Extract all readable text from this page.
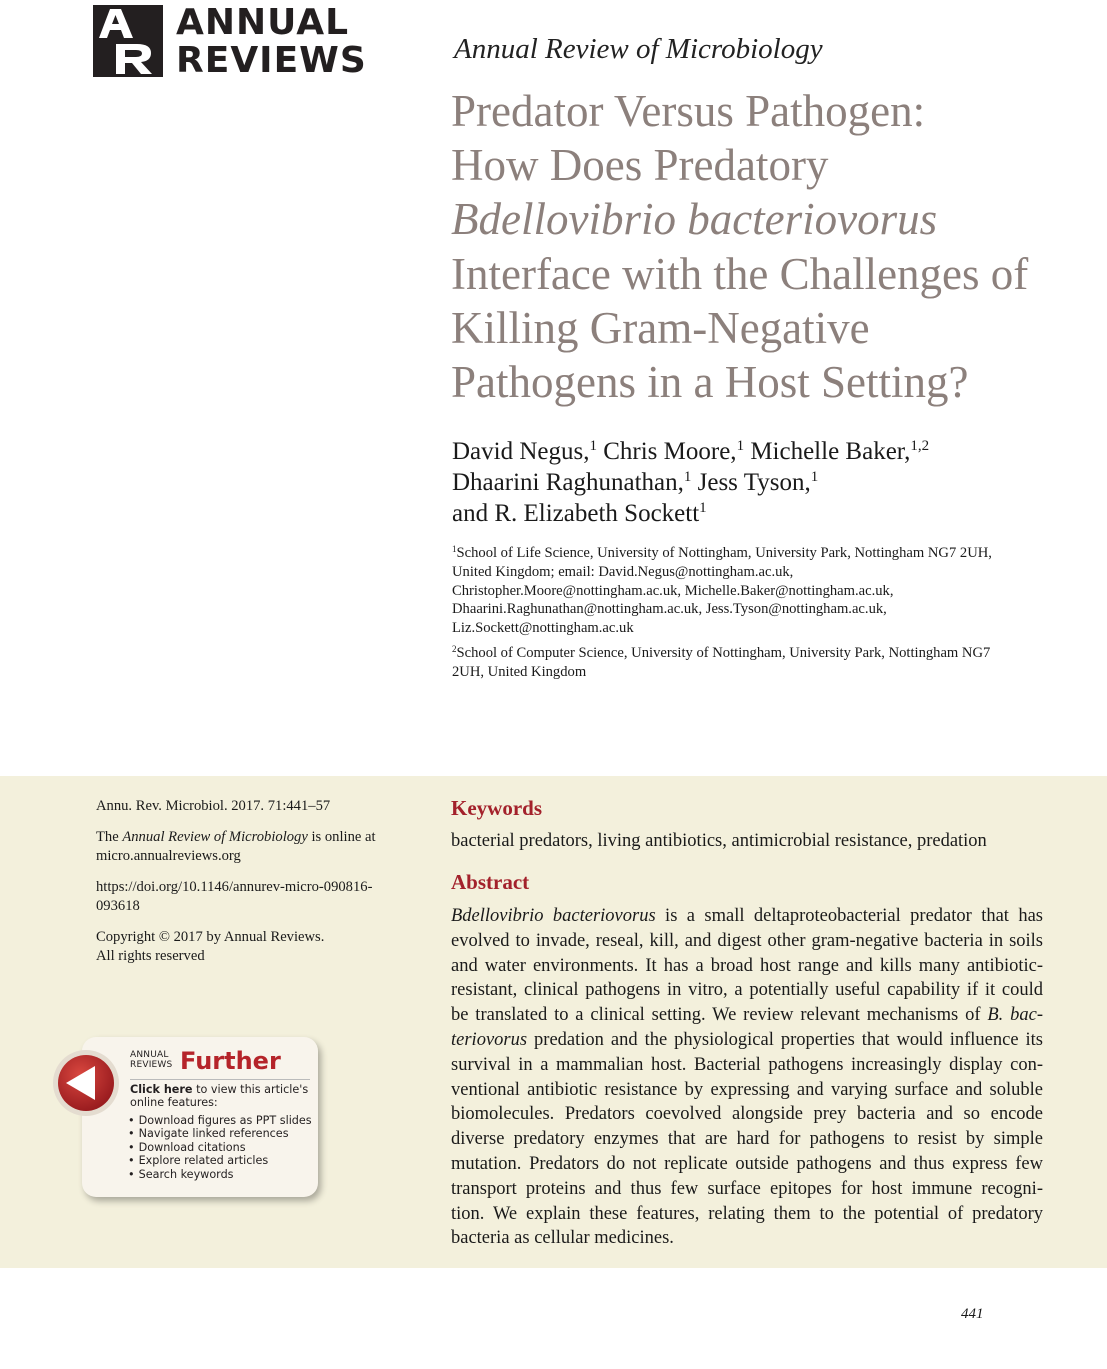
AR ANNUAL
REVIEWS	Annual Review of Microbiology
Predator Versus Pathogen:
How Does Predatory
Bdellovibrio bacteriovorus
Interface with the Challenges of
Killing Gram-Negative
Pathogens in a Host Setting?
David Negus,$^1$ Chris Moore,$^1$ Michelle Baker,$^{1,2}$
Dhaarini Raghunathan,$^1$ Jess Tyson,$^1$
and R. Elizabeth Sockett$^1$
$^1$School of Life Science, University of Nottingham, University Park, Nottingham NG7 2UH,
United Kingdom; email: David.Negus@nottingham.ac.uk,
Christopher.Moore@nottingham.ac.uk, Michelle.Baker@nottingham.ac.uk,
Dhaarini.Raghunathan@nottingham.ac.uk, Jess.Tyson@nottingham.ac.uk,
Liz.Sockett@nottingham.ac.uk
$^2$School of Computer Science, University of Nottingham, University Park, Nottingham NG7
2UH, United Kingdom
Annu. Rev. Microbiol. 2017. 71:441–57
The Annual Review of Microbiology is online at
micro.annualreviews.org
https://doi.org/10.1146/annurev-micro-090816-
093618
Copyright © 2017 by Annual Reviews.
All rights reserved
ANNUAL
REVIEWS Further
Click here to view this article's
online features:
• Download figures as PPT slides
• Navigate linked references
• Download citations
• Explore related articles
• Search keywords
Keywords
bacterial predators, living antibiotics, antimicrobial resistance, predation
Abstract
Bdellovibrio bacteriovorus is a small deltaproteobacterial predator that has
evolved to invade, reseal, kill, and digest other gram-negative bacteria in soils
and water environments. It has a broad host range and kills many antibiotic-
resistant, clinical pathogens in vitro, a potentially useful capability if it could
be translated to a clinical setting. We review relevant mechanisms of B. bac-
teriovorus predation and the physiological properties that would influence its
survival in a mammalian host. Bacterial pathogens increasingly display con-
ventional antibiotic resistance by expressing and varying surface and soluble
biomolecules. Predators coevolved alongside prey bacteria and so encode
diverse predatory enzymes that are hard for pathogens to resist by simple
mutation. Predators do not replicate outside pathogens and thus express few
transport proteins and thus few surface epitopes for host immune recogni-
tion. We explain these features, relating them to the potential of predatory
bacteria as cellular medicines.
441
